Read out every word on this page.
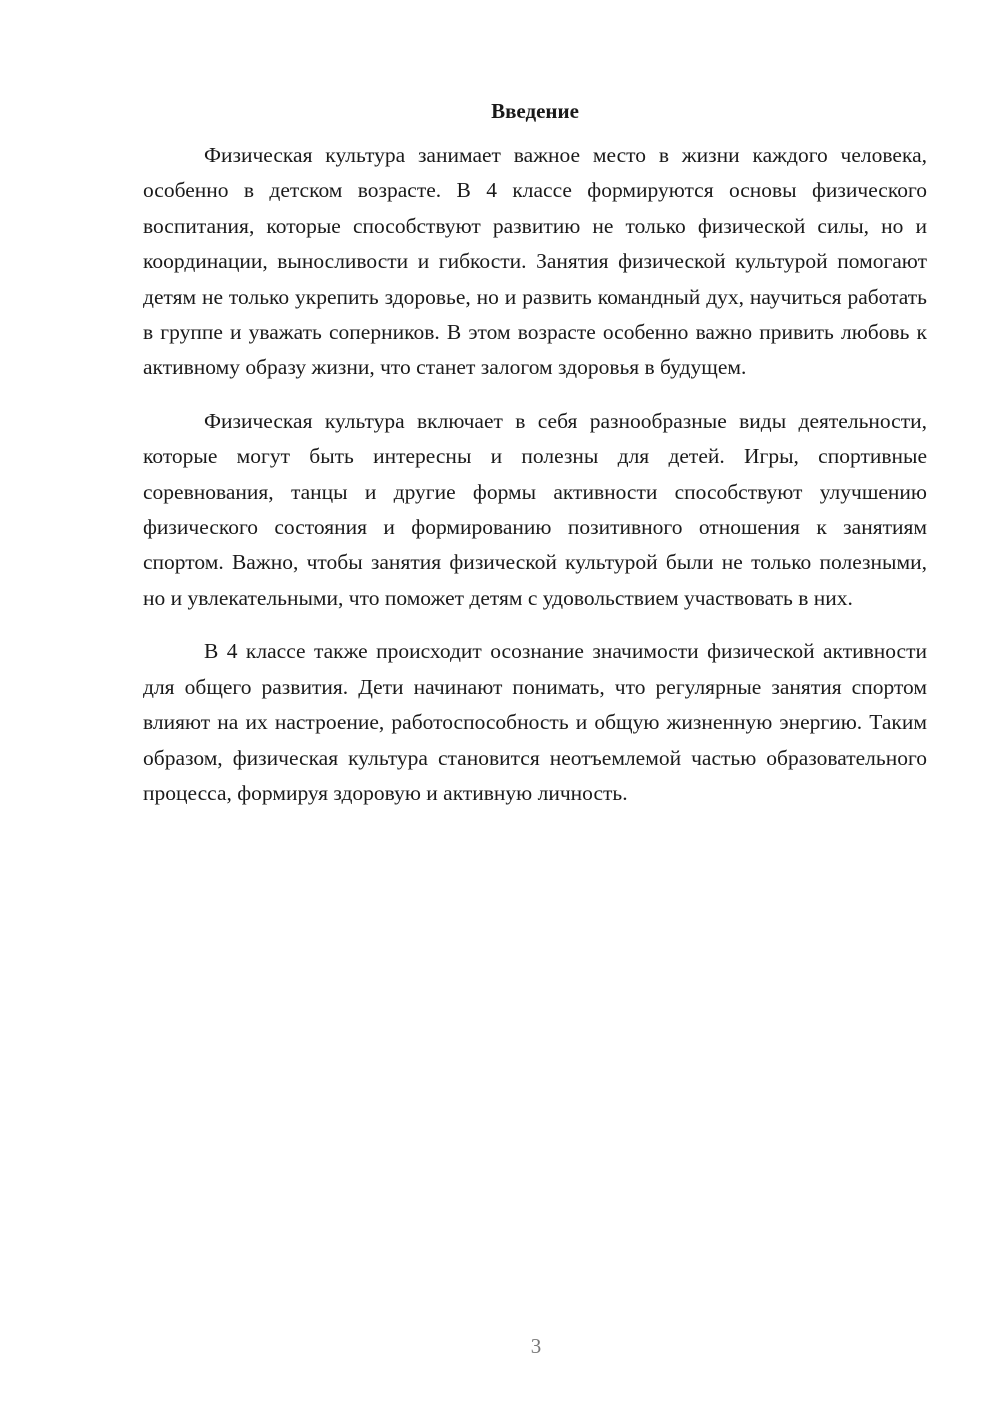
Введение

Физическая культура занимает важное место в жизни каждого человека, особенно в детском возрасте. В 4 классе формируются основы физического воспитания, которые способствуют развитию не только физической силы, но и координации, выносливости и гибкости. Занятия физической культурой помогают детям не только укрепить здоровье, но и развить командный дух, научиться работать в группе и уважать соперников. В этом возрасте особенно важно привить любовь к активному образу жизни, что станет залогом здоровья в будущем.

Физическая культура включает в себя разнообразные виды деятельности, которые могут быть интересны и полезны для детей. Игры, спортивные соревнования, танцы и другие формы активности способствуют улучшению физического состояния и формированию позитивного отношения к занятиям спортом. Важно, чтобы занятия физической культурой были не только полезными, но и увлекательными, что поможет детям с удовольствием участвовать в них.

В 4 классе также происходит осознание значимости физической активности для общего развития. Дети начинают понимать, что регулярные занятия спортом влияют на их настроение, работоспособность и общую жизненную энергию. Таким образом, физическая культура становится неотъемлемой частью образовательного процесса, формируя здоровую и активную личность.

3
